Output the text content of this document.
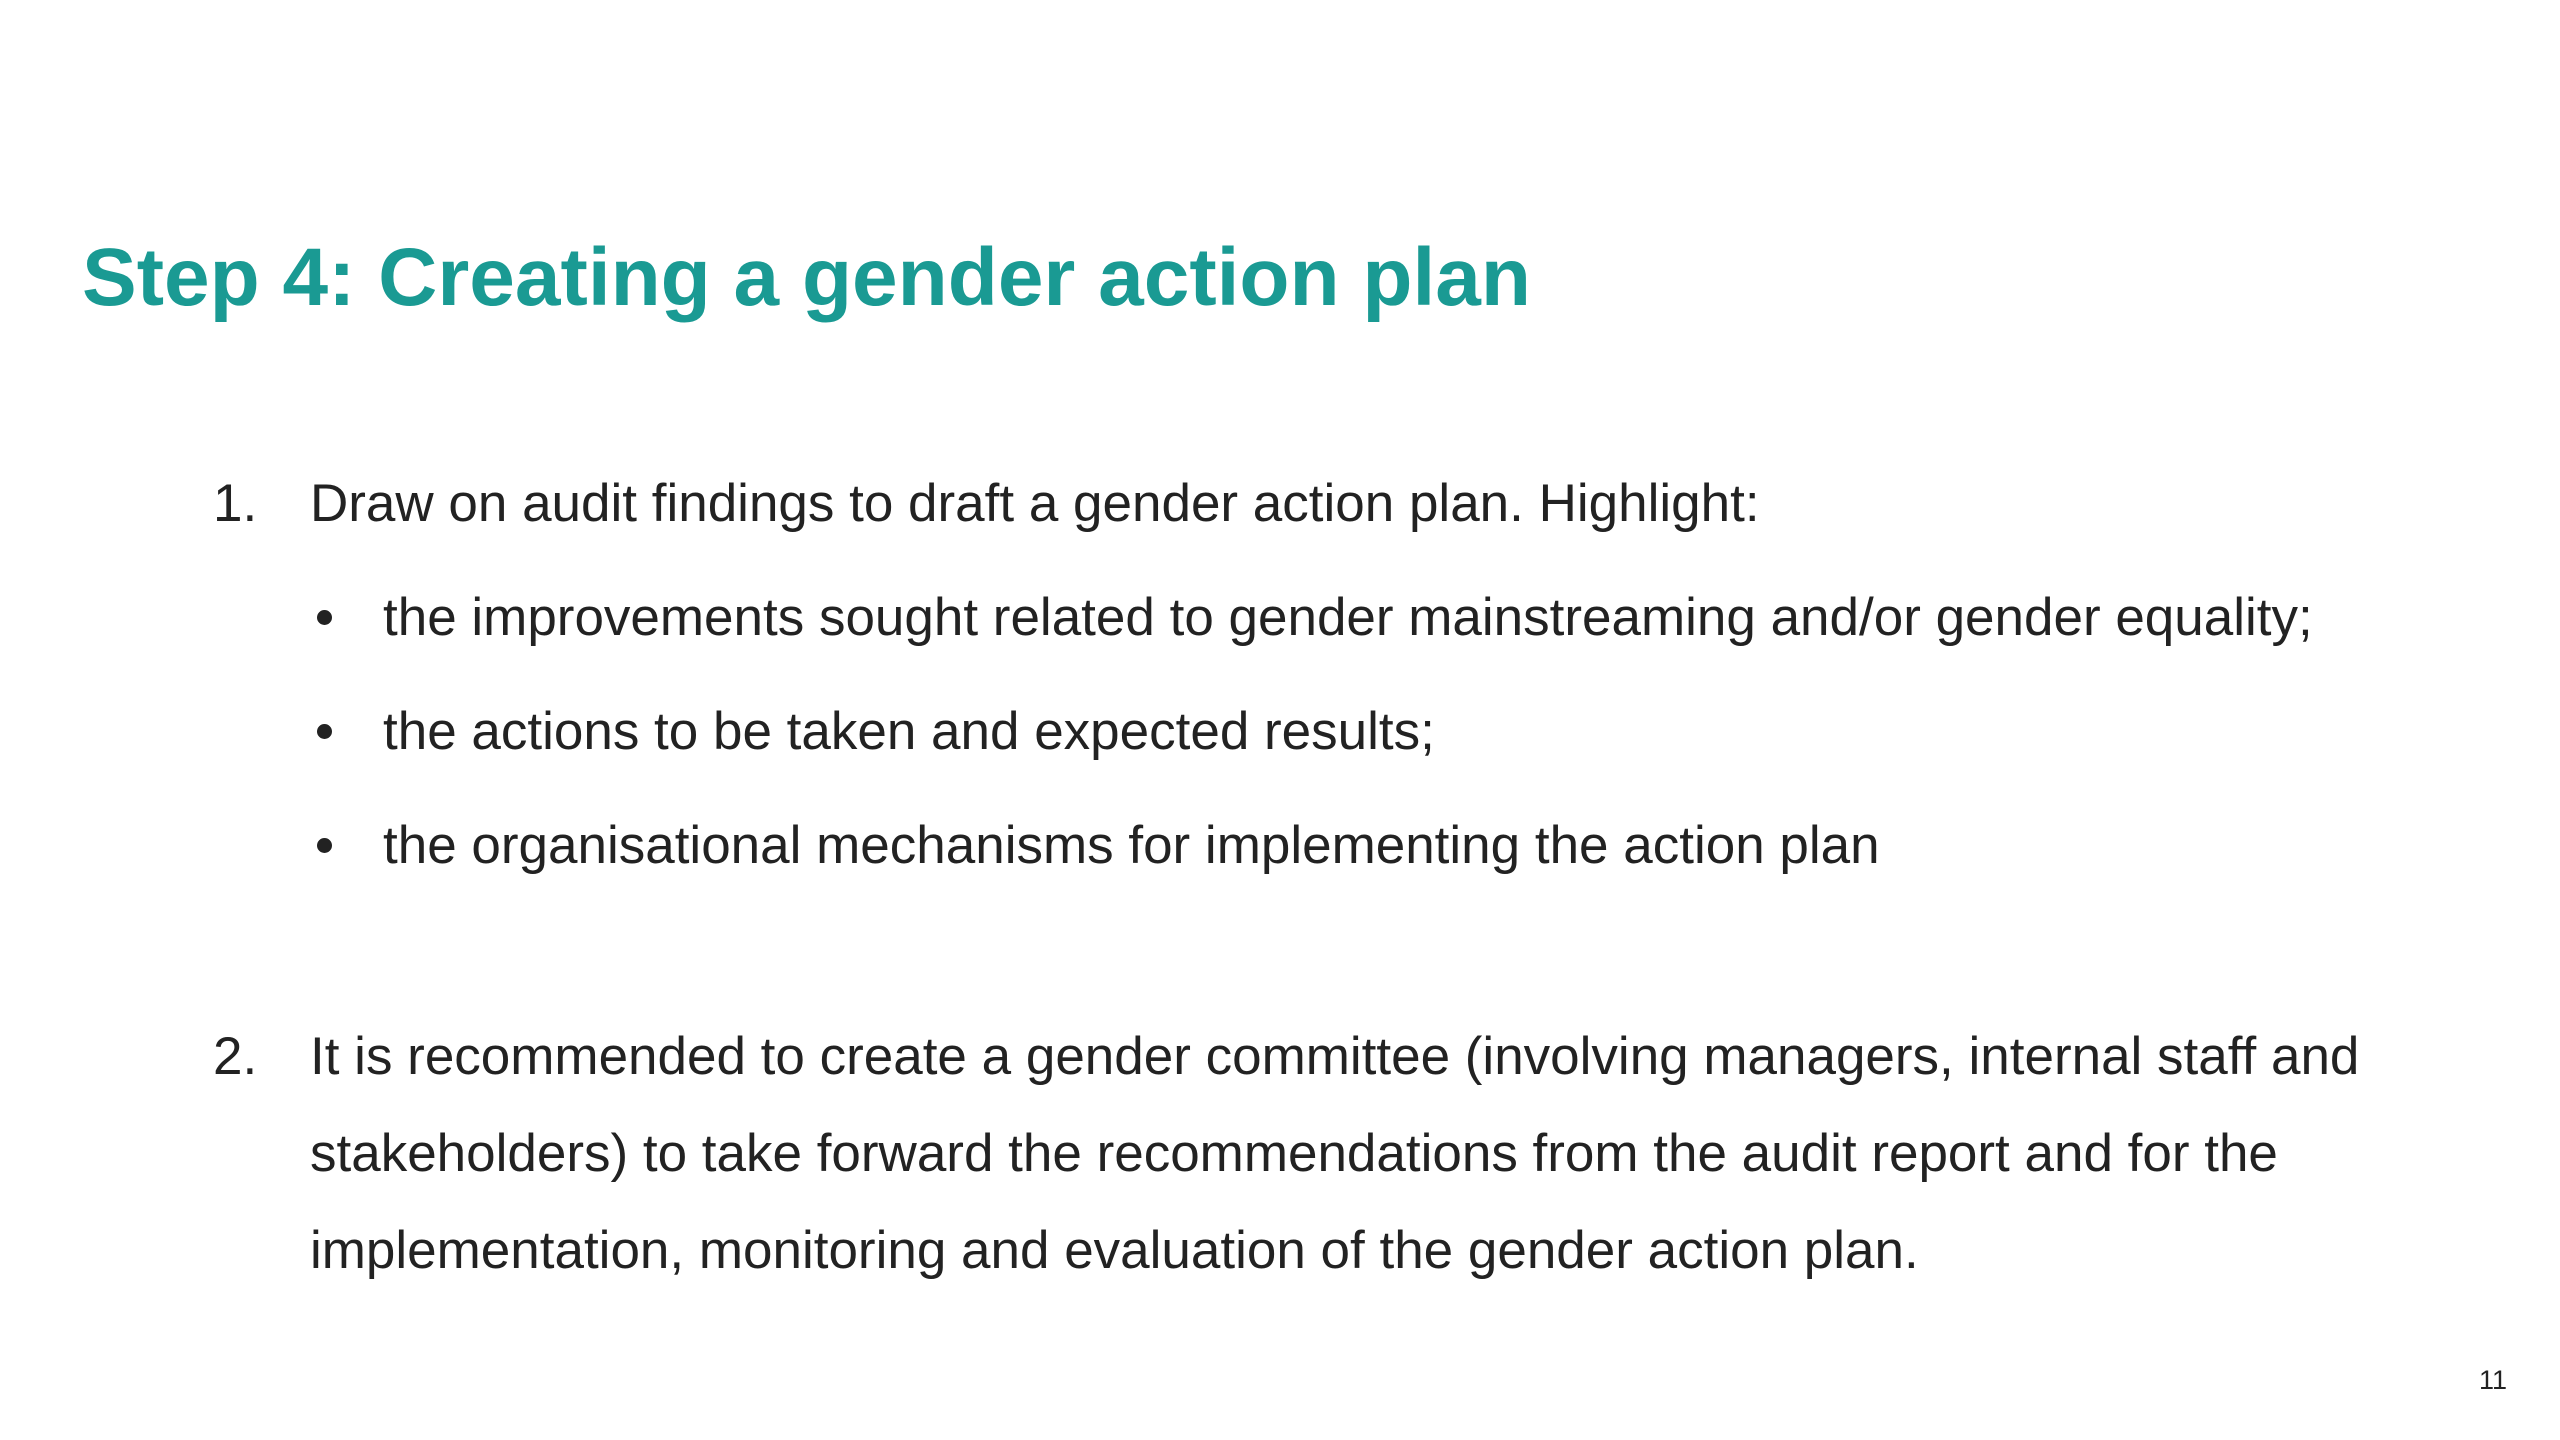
Step 4: Creating a gender action plan
1. Draw on audit findings to draft a gender action plan. Highlight:
the improvements sought related to gender mainstreaming and/or gender equality;
the actions to be taken and expected results;
the organisational mechanisms for implementing the action plan
2. It is recommended to create a gender committee (involving managers, internal staff and
stakeholders) to take forward the recommendations from the audit report and for the
implementation, monitoring and evaluation of the gender action plan.
11
